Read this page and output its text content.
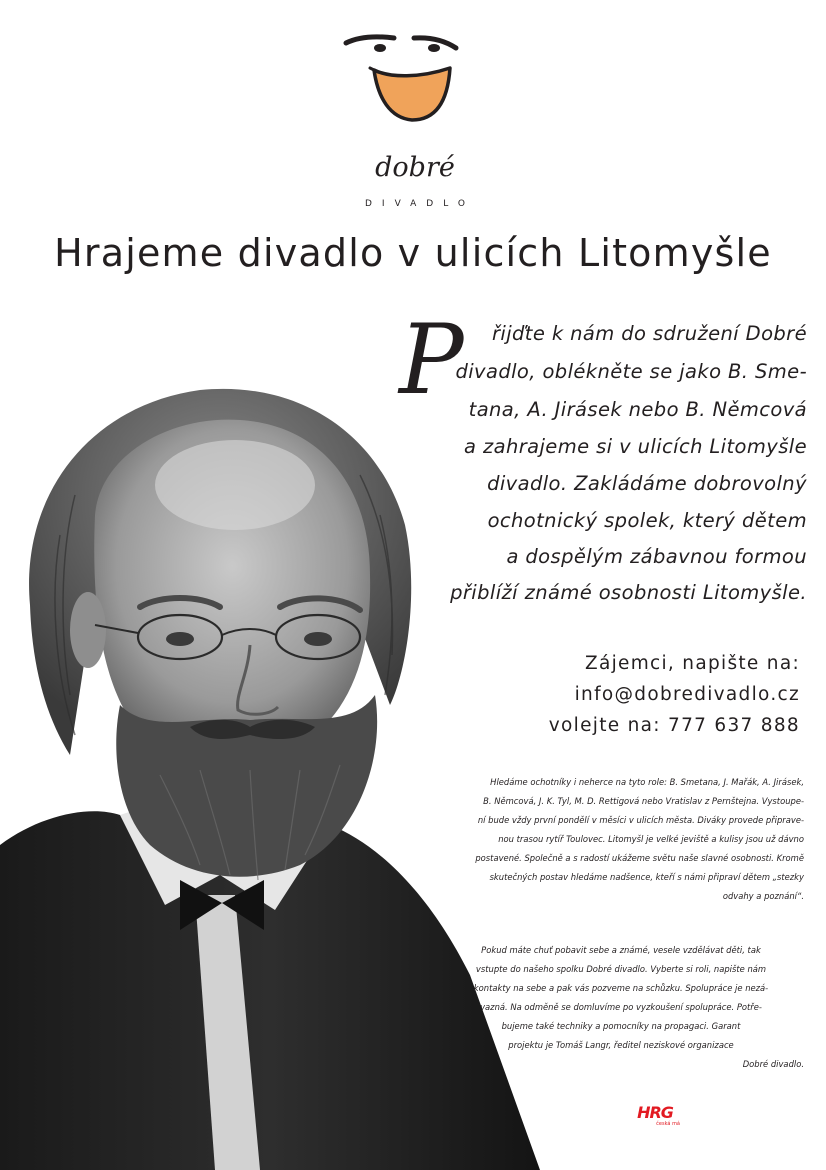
dobré
DIVADLO
Hrajeme divadlo v ulicích Litomyšle
P řijďte k nám do sdružení Dobré
divadlo, oblékněte se jako B. Sme-
tana, A. Jirásek nebo B. Němcová
a zahrajeme si v ulicích Litomyšle
divadlo. Zakládáme dobrovolný
ochotnický spolek, který dětem
a dospělým zábavnou formou
přiblíží známé osobnosti Litomyšle.
Zájemci, napište na:
info@dobredivadlo.cz
volejte na: 777 637 888
Hledáme ochotníky i neherce na tyto role: B. Smetana, J. Mařák, A. Jirásek,
B. Němcová, J. K. Tyl, M. D. Rettigová nebo Vratislav z Pernštejna. Vystoupe-
ní bude vždy první pondělí v měsíci v ulicích města. Diváky provede připrave-
nou trasou rytíř Toulovec. Litomyšl je velké jeviště a kulisy jsou už dávno
postavené. Společně a s radostí ukážeme světu naše slavné osobnosti. Kromě
skutečných postav hledáme nadšence, kteří s námi připraví dětem „stezky
odvahy a poznání“.
Pokud máte chuť pobavit sebe a známé, vesele vzdělávat děti, tak
vstupte do našeho spolku Dobré divadlo. Vyberte si roli, napište nám
kontakty na sebe a pak vás pozveme na schůzku. Spolupráce je nezá-
vazná. Na odměně se domluvíme po vyzkoušení spolupráce. Potře-
bujeme také techniky a pomocníky na propagaci. Garant
projektu je Tomáš Langr, ředitel neziskové organizace
Dobré divadlo.
HRG
česká má
